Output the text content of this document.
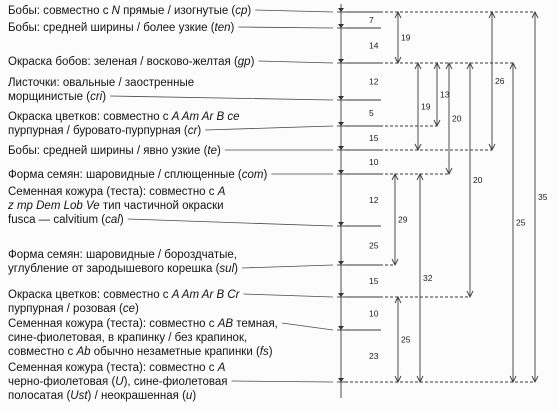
Бобы: совместно с N прямые / изогнутые (cp)
Бобы: средней ширины / более узкие (ten)
Окраска бобов: зеленая / восково-желтая (gp)
Листочки: овальные / заостренные
морщинистые (cri)
Окраска цветков: совместно с A Am Ar B ce
пурпурная / буровато-пурпурная (cr)
Бобы: средней ширины / явно узкие (te)
Форма семян: шаровидные / сплющенные (com)
Семенная кожура (теста): совместно с A
z mp Dem Lob Ve тип частичной окраски
fusca — calvitium (cal)
Форма семян: шаровидные / бороздчатые,
углубление от зародышевого корешка (sul)
Окраска цветков: совместно с A Am Ar B Cr
пурпурная / розовая (ce)
Семенная кожура (теста): совместно с AB темная,
сине-фиолетовая, в крапинку / без крапинок,
совместно с Ab обычно незаметные крапинки (fs)
Семенная кожура (теста): совместно с A
черно-фиолетовая (U), сине-фиолетовая
полосатая (Ust) / неокрашенная (u)
7
14
12
5
15
10
12
25
15
10
23
19
13
19
20
20
26
25
35
29
32
25
